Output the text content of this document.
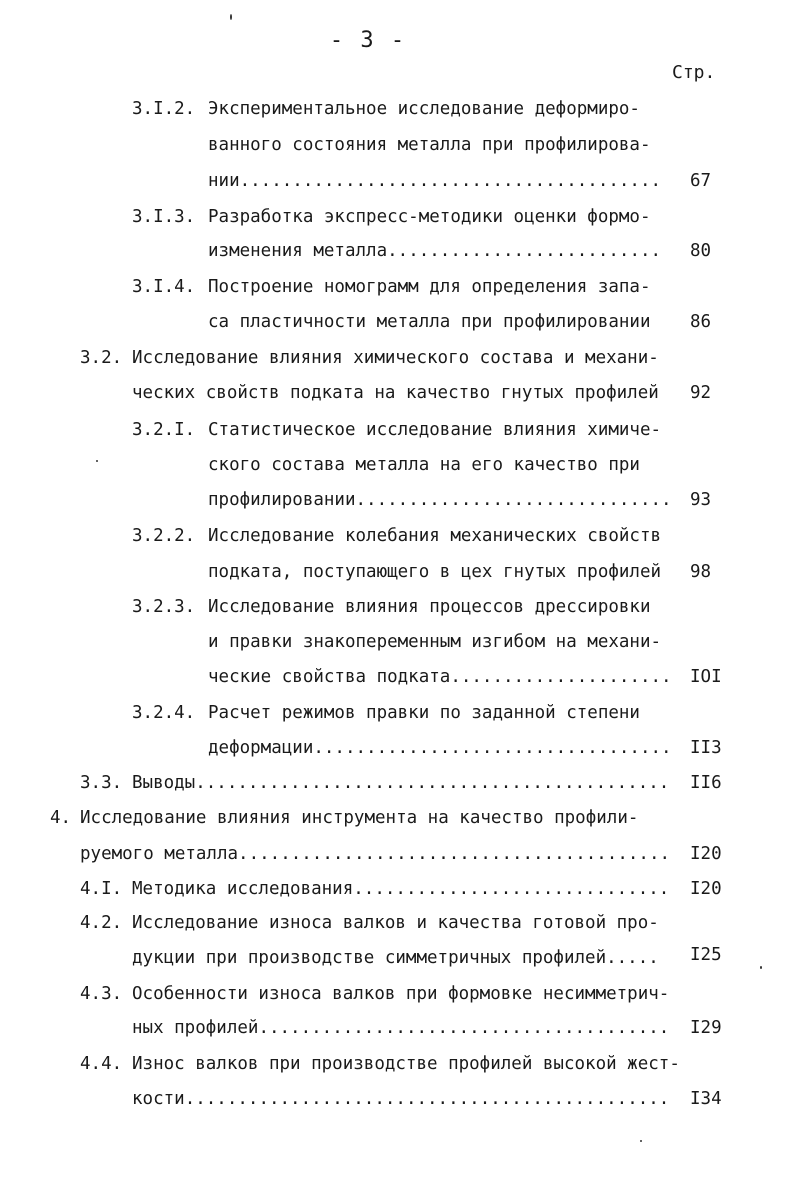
- 3 -
Стр.
3.I.2. Экспериментальное исследование деформиро-
ванного состояния металла при профилирова-
нии .....	67
3.I.3. Разработка экспресс-методики оценки формо-
изменения металла .....	80
3.I.4. Построение номограмм для определения запа-
са пластичности металла при профилировании	86
3.2. Исследование влияния химического состава и механи-
ческих свойств подката на качество гнутых профилей	92
3.2.I. Статистическое исследование влияния химиче-
ского состава металла на его качество при
профилировании .....	93
3.2.2. Исследование колебания механических свойств
подката, поступающего в цех гнутых профилей	98
3.2.3. Исследование влияния процессов дрессировки
и правки знакопеременным изгибом на механи-
ческие свойства подката .....	IOI
3.2.4. Расчет режимов правки по заданной степени
деформации .....	II3
3.3. Выводы .....	II6
4. Исследование влияния инструмента на качество профили-
руемого металла .....	I20
4.I. Методика исследования .....	I20
4.2. Исследование износа валков и качества готовой про-
дукции при производстве симметричных профилей.....	I25
4.3. Особенности износа валков при формовке несимметрич-
ных профилей .....	I29
4.4. Износ валков при производстве профилей высокой жест-
кости .....	I34
